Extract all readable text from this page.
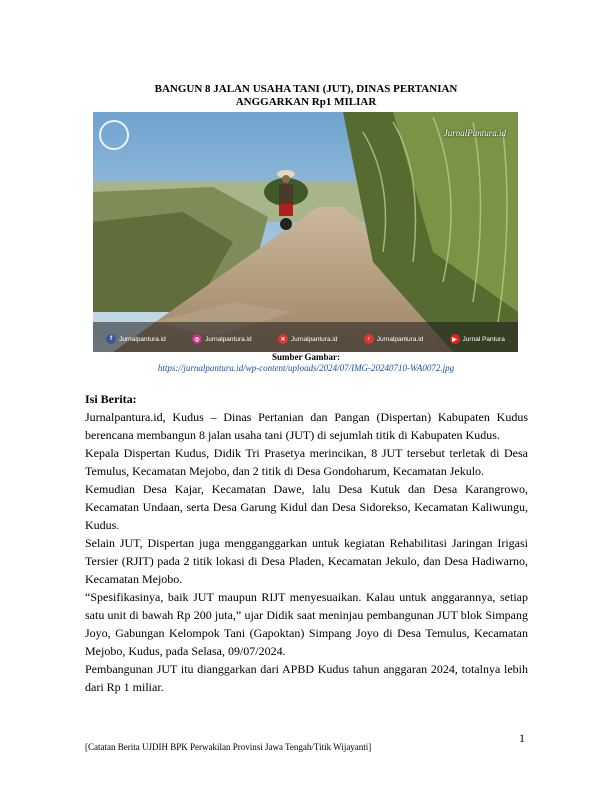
BANGUN 8 JALAN USAHA TANI (JUT), DINAS PERTANIAN
ANGGARKAN Rp1 MILIAR
JurnalPantura.id
f	Jurnalpantura.id	◎ Jurnalpantura.id	✕ Jurnalpantura.id	♪	Jurnalpantura.id	▶ Jurnal Pantura
Sumber Gambar:
https://jurnalpantura.id/wp-content/uploads/2024/07/IMG-20240710-WA0072.jpg
Isi Berita:

Jurnalpantura.id, Kudus – Dinas Pertanian dan Pangan (Dispertan) Kabupaten Kudus berencana membangun 8 jalan usaha tani (JUT) di sejumlah titik di Kabupaten Kudus.

Kepala Dispertan Kudus, Didik Tri Prasetya merincikan, 8 JUT tersebut terletak di Desa Temulus, Kecamatan Mejobo, dan 2 titik di Desa Gondoharum, Kecamatan Jekulo.

Kemudian Desa Kajar, Kecamatan Dawe, lalu Desa Kutuk dan Desa Karangrowo, Kecamatan Undaan, serta Desa Garung Kidul dan Desa Sidorekso, Kecamatan Kaliwungu, Kudus.

Selain JUT, Dispertan juga mengganggarkan untuk kegiatan Rehabilitasi Jaringan Irigasi Tersier (RJIT) pada 2 titik lokasi di Desa Pladen, Kecamatan Jekulo, dan Desa Hadiwarno, Kecamatan Mejobo.

“Spesifikasinya, baik JUT maupun RIJT menyesuaikan. Kalau untuk anggarannya, setiap satu unit di bawah Rp 200 juta,” ujar Didik saat meninjau pembangunan JUT blok Simpang Joyo, Gabungan Kelompok Tani (Gapoktan) Simpang Joyo di Desa Temulus, Kecamatan Mejobo, Kudus, pada Selasa, 09/07/2024.

Pembangunan JUT itu dianggarkan dari APBD Kudus tahun anggaran 2024, totalnya lebih dari Rp 1 miliar.

1
[Catatan Berita UJDIH BPK Perwakilan Provinsi Jawa Tengah/Titik Wijayanti]
